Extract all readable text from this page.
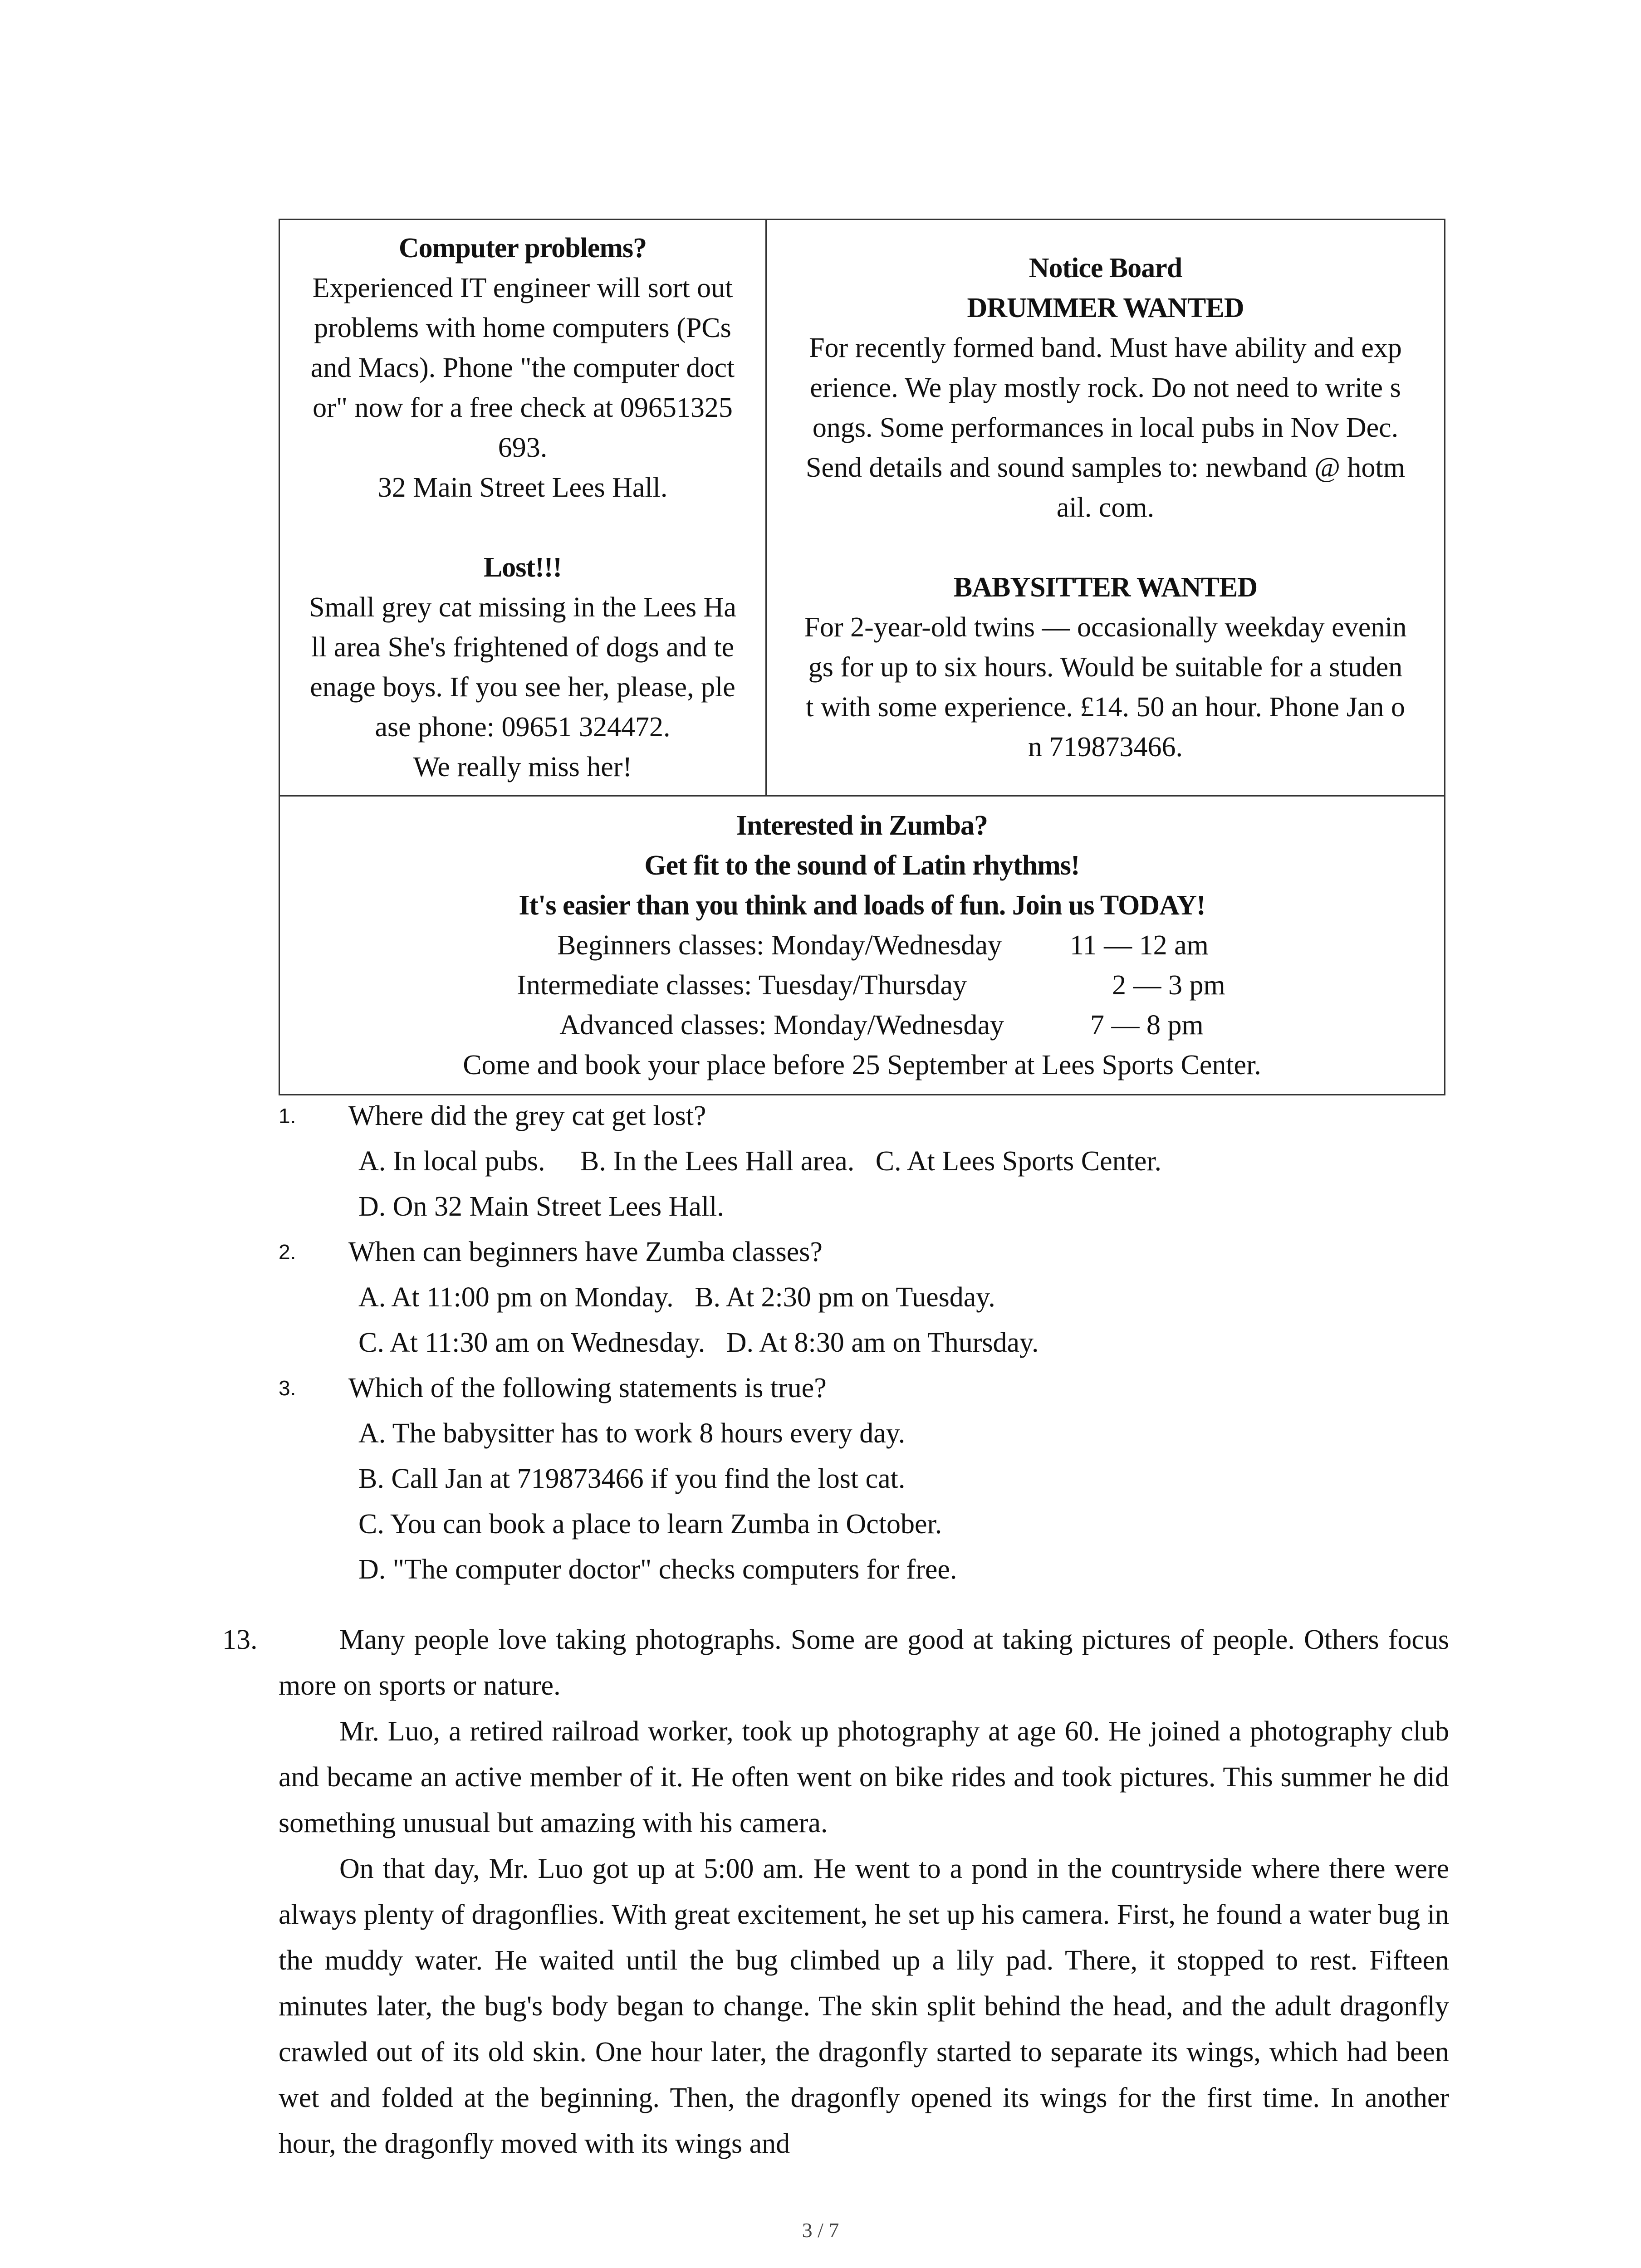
Computer problems?
Experienced IT engineer will sort out
problems with home computers (PCs
and Macs). Phone "the computer doct
or" now for a free check at 09651325
693.
32 Main Street Lees Hall.
Lost!!!
Small grey cat missing in the Lees Ha
ll area She's frightened of dogs and te
enage boys. If you see her, please, ple
ase phone: 09651 324472.
We really miss her!

Notice Board
DRUMMER WANTED
For recently formed band. Must have ability and exp
erience. We play mostly rock. Do not need to write s
ongs. Some performances in local pubs in Nov Dec.
Send details and sound samples to: newband @ hotm
ail. com.
BABYSITTER WANTED
For 2-year-old twins — occasionally weekday evenin
gs for up to six hours. Would be suitable for a studen
t with some experience. £14. 50 an hour. Phone Jan o
n 719873466.

Interested in Zumba?
Get fit to the sound of Latin rhythms!
It's easier than you think and loads of fun. Join us TODAY!
Beginners classes: Monday/Wednesday 11 — 12 am
Intermediate classes: Tuesday/Thursday	2 — 3 pm
Advanced classes: Monday/Wednesday	7 — 8 pm
Come and book your place before 25 September at Lees Sports Center.
1. Where did the grey cat get lost?
A. In local pubs.     B. In the Lees Hall area.   C. At Lees Sports Center.
D. On 32 Main Street Lees Hall.
2. When can beginners have Zumba classes?
A. At 11:00 pm on Monday.   B. At 2:30 pm on Tuesday.
C. At 11:30 am on Wednesday.   D. At 8:30 am on Thursday.
3. Which of the following statements is true?
A. The babysitter has to work 8 hours every day.
B. Call Jan at 719873466 if you find the lost cat.
C. You can book a place to learn Zumba in October.
D. "The computer doctor" checks computers for free.
13.	Many people love taking photographs. Some are good at taking pictures of people. Others focus more on sports or nature.
Mr. Luo, a retired railroad worker, took up photography at age 60. He joined a photography club and became an active member of it. He often went on bike rides and took pictures. This summer he did something unusual but amazing with his camera.
On that day, Mr. Luo got up at 5:00 am. He went to a pond in the countryside where there were always plenty of dragonflies. With great excitement, he set up his camera. First, he found a water bug in the muddy water. He waited until the bug climbed up a lily pad. There, it stopped to rest. Fifteen minutes later, the bug's body began to change. The skin split behind the head, and the adult dragonfly crawled out of its old skin. One hour later, the dragonfly started to separate its wings, which had been wet and folded at the beginning. Then, the dragonfly opened its wings for the first time. In another hour, the dragonfly moved with its wings and
3 / 7
